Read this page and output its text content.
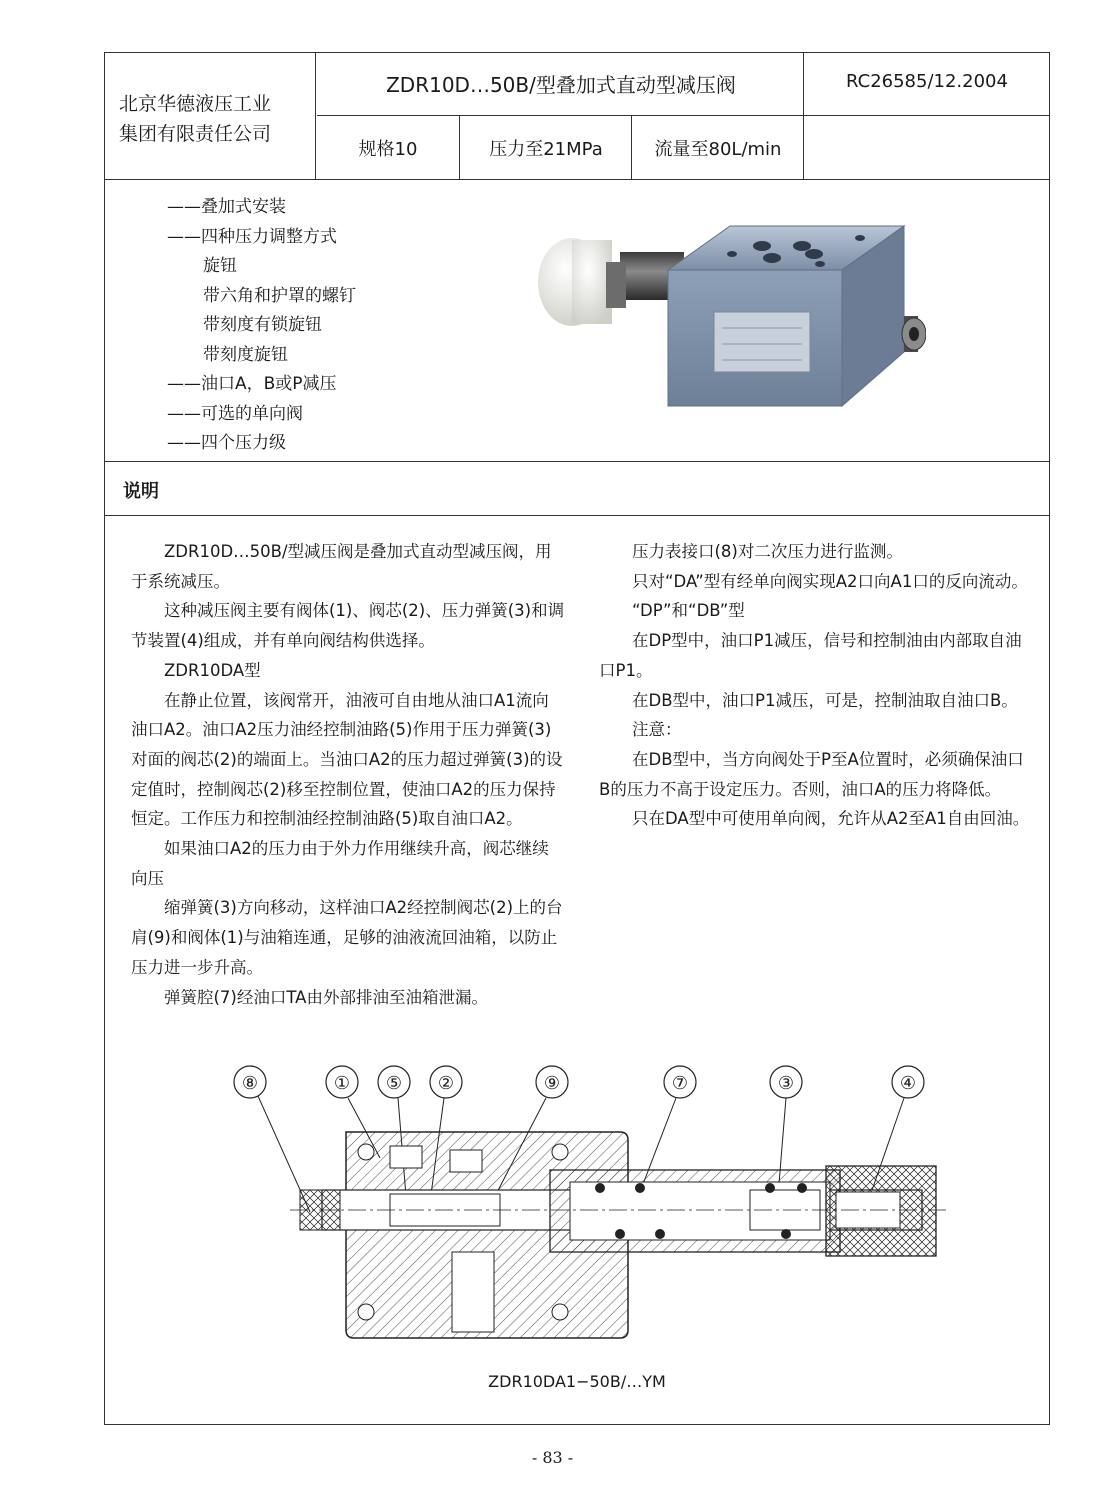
北京华德液压工业
集团有限责任公司
ZDR10D…50B/型叠加式直动型减压阀	RC26585/12.2004
规格10	压力至21MPa	流量至80L/min
——叠加式安装
——四种压力调整方式
旋钮
带六角和护罩的螺钉
带刻度有锁旋钮
带刻度旋钮
——油口A，B或P减压
——可选的单向阀
——四个压力级
说明

ZDR10D…50B/型减压阀是叠加式直动型减压阀，用于系统减压。

这种减压阀主要有阀体(1)、阀芯(2)、压力弹簧(3)和调节装置(4)组成，并有单向阀结构供选择。

ZDR10DA型

在静止位置，该阀常开，油液可自由地从油口A1流向油口A2。油口A2压力油经控制油路(5)作用于压力弹簧(3)对面的阀芯(2)的端面上。当油口A2的压力超过弹簧(3)的设定值时，控制阀芯(2)移至控制位置，使油口A2的压力保持恒定。工作压力和控制油经控制油路(5)取自油口A2。

如果油口A2的压力由于外力作用继续升高，阀芯继续向压

缩弹簧(3)方向移动，这样油口A2经控制阀芯(2)上的台肩(9)和阀体(1)与油箱连通，足够的油液流回油箱，以防止压力进一步升高。

弹簧腔(7)经油口TA由外部排油至油箱泄漏。

压力表接口(8)对二次压力进行监测。

只对“DA”型有经单向阀实现A2口向A1口的反向流动。

“DP”和“DB”型

在DP型中，油口P1减压，信号和控制油由内部取自油口P1。

在DB型中，油口P1减压，可是，控制油取自油口B。

注意：

在DB型中，当方向阀处于P至A位置时，必须确保油口B的压力不高于设定压力。否则，油口A的压力将降低。

只在DA型中可使用单向阀，允许从A2至A1自由回油。

⑧	① ⑤ ②	⑨	⑦	③	④
ZDR10DA1−50B/…YM
- 83 -
